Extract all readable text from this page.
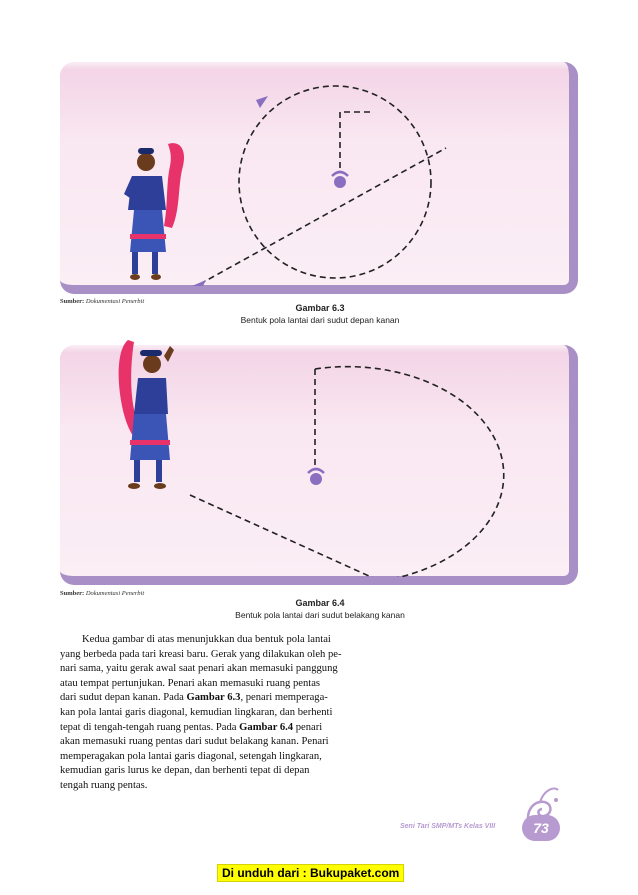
Sumber: Dokumentasi Penerbit
Gambar 6.3
Bentuk pola lantai dari sudut depan kanan
Sumber: Dokumentasi Penerbit
Gambar 6.4
Bentuk pola lantai dari sudut belakang kanan

Kedua gambar di atas menunjukkan dua bentuk pola lantai

yang berbeda pada tari kreasi baru. Gerak yang dilakukan oleh pe-

nari sama, yaitu gerak awal saat penari akan memasuki panggung

atau tempat pertunjukan. Penari akan memasuki ruang pentas

dari sudut depan kanan. Pada Gambar 6.3, penari memperaga-

kan pola lantai garis diagonal, kemudian lingkaran, dan berhenti

tepat di tengah-tengah ruang pentas. Pada Gambar 6.4 penari

akan memasuki ruang pentas dari sudut belakang kanan. Penari

memperagakan pola lantai garis diagonal, setengah lingkaran,

kemudian garis lurus ke depan, dan berhenti tepat di depan

tengah ruang pentas.

Seni Tari SMP/MTs Kelas VIII	73
Di unduh dari : Bukupaket.com
